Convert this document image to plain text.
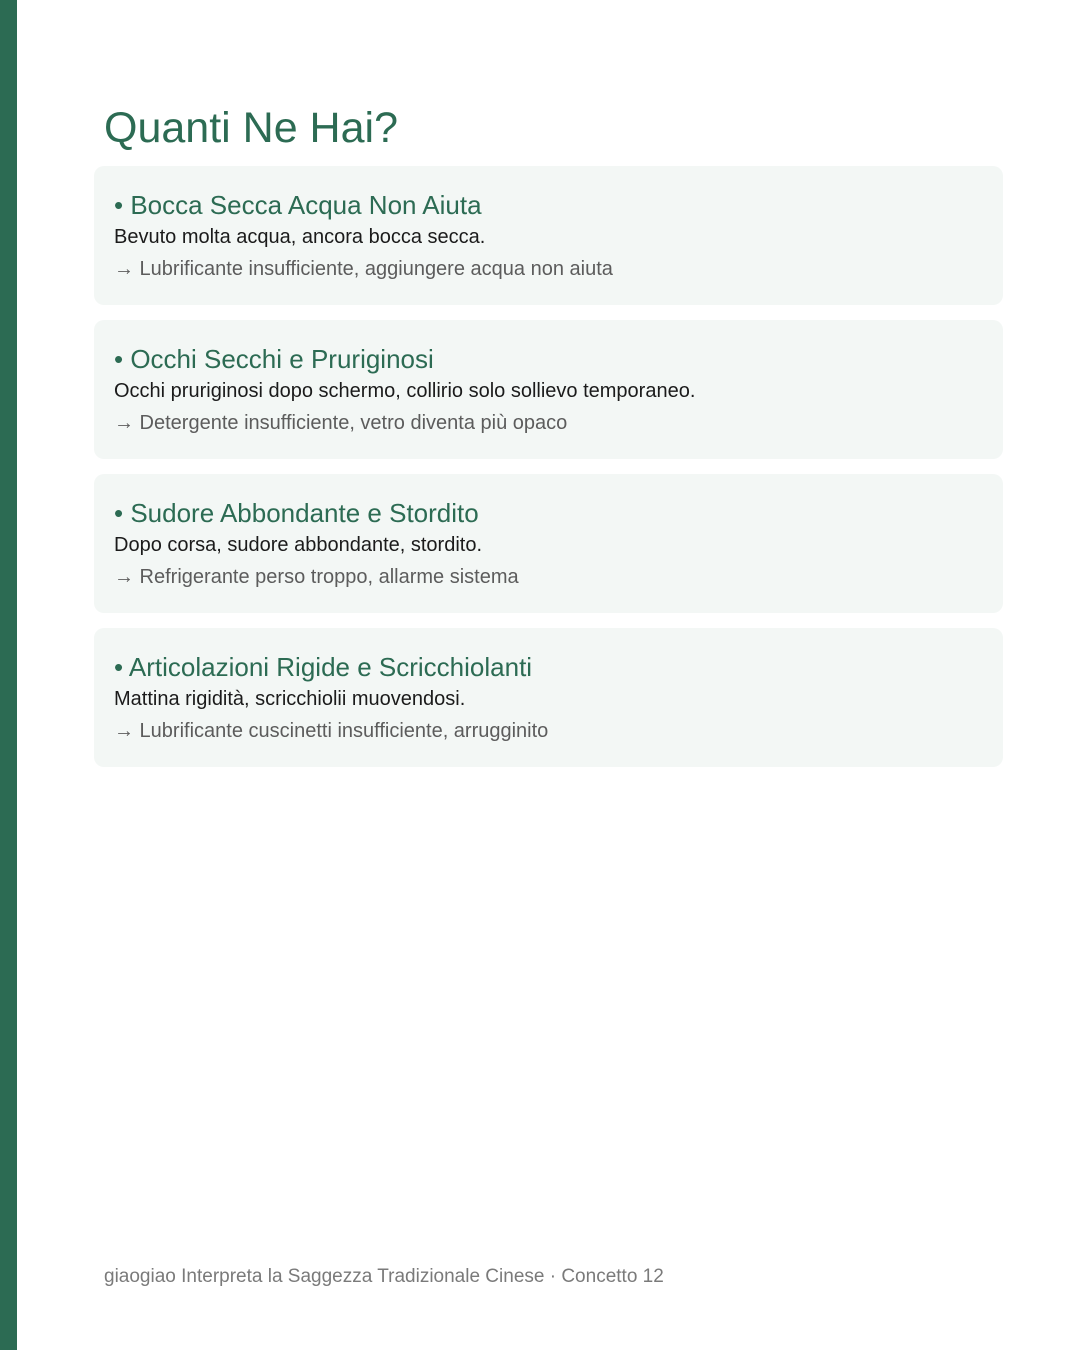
Quanti Ne Hai?
• Bocca Secca Acqua Non Aiuta
Bevuto molta acqua, ancora bocca secca.
→ Lubrificante insufficiente, aggiungere acqua non aiuta
• Occhi Secchi e Pruriginosi
Occhi pruriginosi dopo schermo, collirio solo sollievo temporaneo.
→ Detergente insufficiente, vetro diventa più opaco
• Sudore Abbondante e Stordito
Dopo corsa, sudore abbondante, stordito.
→ Refrigerante perso troppo, allarme sistema
• Articolazioni Rigide e Scricchiolanti
Mattina rigidità, scricchiolii muovendosi.
→ Lubrificante cuscinetti insufficiente, arrugginito
giaogiao Interpreta la Saggezza Tradizionale Cinese · Concetto 12
